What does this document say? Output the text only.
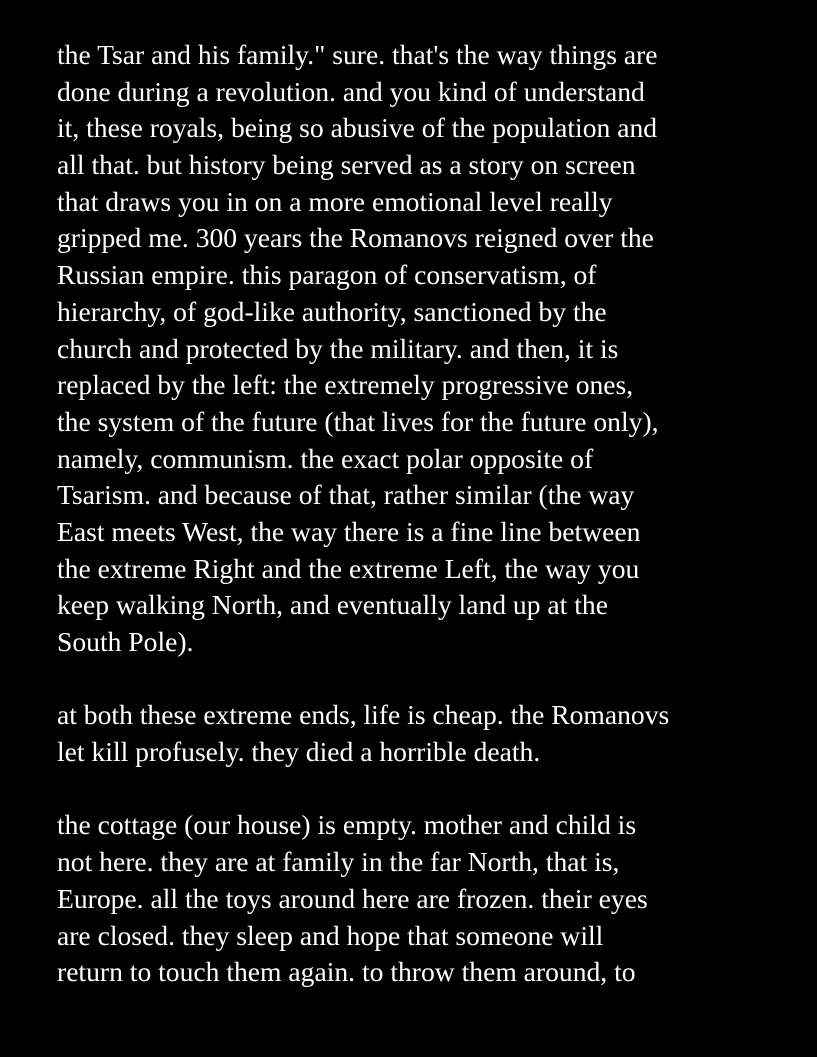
the Tsar and his family." sure. that's the way things are
done during a revolution. and you kind of understand
it, these royals, being so abusive of the population and
all that. but history being served as a story on screen
that draws you in on a more emotional level really
gripped me. 300 years the Romanovs reigned over the
Russian empire. this paragon of conservatism, of
hierarchy, of god-like authority, sanctioned by the
church and protected by the military. and then, it is
replaced by the left: the extremely progressive ones,
the system of the future (that lives for the future only),
namely, communism. the exact polar opposite of
Tsarism. and because of that, rather similar (the way
East meets West, the way there is a fine line between
the extreme Right and the extreme Left, the way you
keep walking North, and eventually land up at the
South Pole).
at both these extreme ends, life is cheap. the Romanovs
let kill profusely. they died a horrible death.
the cottage (our house) is empty. mother and child is
not here. they are at family in the far North, that is,
Europe. all the toys around here are frozen. their eyes
are closed. they sleep and hope that someone will
return to touch them again. to throw them around, to
